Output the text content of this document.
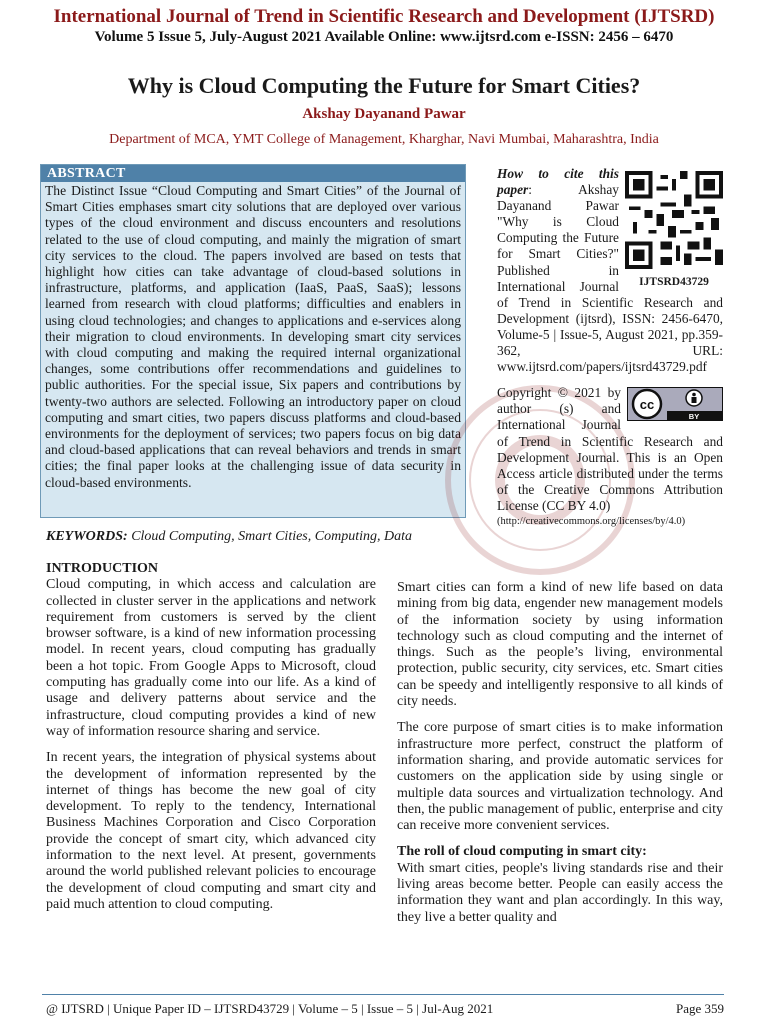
International Journal of Trend in Scientific Research and Development (IJTSRD)
Volume 5 Issue 5, July-August 2021 Available Online: www.ijtsrd.com e-ISSN: 2456 – 6470
Why is Cloud Computing the Future for Smart Cities?
Akshay Dayanand Pawar
Department of MCA, YMT College of Management, Kharghar, Navi Mumbai, Maharashtra, India
ABSTRACT
The Distinct Issue “Cloud Computing and Smart Cities” of the Journal of Smart Cities emphases smart city solutions that are deployed over various types of the cloud environment and discuss encounters and resolutions related to the use of cloud computing, and mainly the migration of smart city services to the cloud. The papers involved are based on tests that highlight how cities can take advantage of cloud-based solutions in infrastructure, platforms, and application (IaaS, PaaS, SaaS); lessons learned from research with cloud platforms; difficulties and enablers in using cloud technologies; and changes to applications and e-services along their migration to cloud environments. In developing smart city services with cloud computing and making the required internal organizational changes, some contributions offer recommendations and guidelines to public authorities. For the special issue, Six papers and contributions by twenty-two authors are selected. Following an introductory paper on cloud computing and smart cities, two papers discuss platforms and cloud-based environments for the deployment of services; two papers focus on big data and cloud-based applications that can reveal behaviors and trends in smart cities; the final paper looks at the challenging issue of data security in cloud-based environments.
IJTSRD43729
How to cite this paper: Akshay Dayanand Pawar "Why is Cloud Computing the Future for Smart Cities?" Published in International Journal of Trend in Scientific Research and Development (ijtsrd), ISSN: 2456-6470, Volume-5 | Issue-5, August 2021, pp.359-362, URL: www.ijtsrd.com/papers/ijtsrd43729.pdf
cc
BY
Copyright © 2021 by author (s) and International Journal of Trend in Scientific Research and Development Journal. This is an Open Access article distributed under the terms of the Creative Commons Attribution License (CC BY 4.0)
(http://creativecommons.org/licenses/by/4.0)
KEYWORDS: Cloud Computing, Smart Cities, Computing, Data
INTRODUCTION

Cloud computing, in which access and calculation are collected in cluster server in the applications and network requirement from customers is served by the client browser software, is a kind of new information processing model. In recent years, cloud computing has gradually been a hot topic. From Google Apps to Microsoft, cloud computing has gradually come into our life. As a kind of usage and delivery patterns about service and the infrastructure, cloud computing provides a kind of new way of information resource sharing and service.

In recent years, the integration of physical systems about the development of information represented by the internet of things has become the new goal of city development. To reply to the tendency, International Business Machines Corporation and Cisco Corporation provide the concept of smart city, which advanced city information to the next level. At present, governments around the world published relevant policies to encourage the development of cloud computing and smart city and paid much attention to cloud computing.

Smart cities can form a kind of new life based on data mining from big data, engender new management models of the information society by using information technology such as cloud computing and the internet of things. Such as the people’s living, environmental protection, public security, city services, etc. Smart cities can be speedy and intelligently responsive to all kinds of city needs.

The core purpose of smart cities is to make information infrastructure more perfect, construct the platform of information sharing, and provide automatic services for customers on the application side by using single or multiple data sources and virtualization technology. And then, the public management of public, enterprise and city can receive more convenient services.

The roll of cloud computing in smart city:

With smart cities, people's living standards rise and their living areas become better. People can easily access the information they want and plan accordingly. In this way, they live a better quality and

@ IJTSRD | Unique Paper ID – IJTSRD43729 | Volume – 5 | Issue – 5 | Jul-Aug 2021	Page 359
